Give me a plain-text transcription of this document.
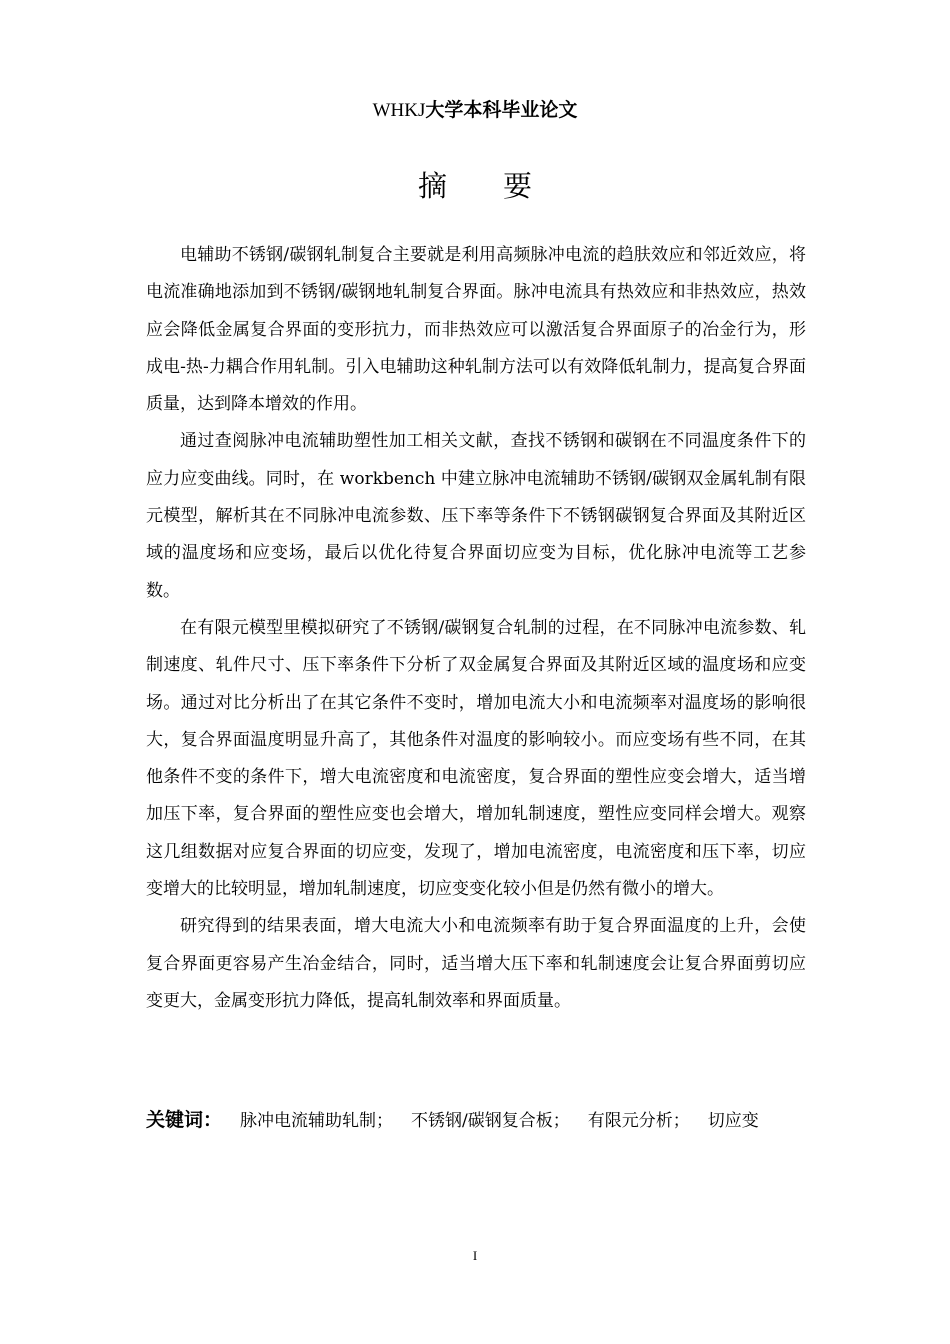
WHKJ大学本科毕业论文
摘 要

电辅助不锈钢/碳钢轧制复合主要就是利用高频脉冲电流的趋肤效应和邻近效应，将电流准确地添加到不锈钢/碳钢地轧制复合界面。脉冲电流具有热效应和非热效应，热效应会降低金属复合界面的变形抗力，而非热效应可以激活复合界面原子的冶金行为，形成电-热-力耦合作用轧制。引入电辅助这种轧制方法可以有效降低轧制力，提高复合界面质量，达到降本增效的作用。

通过查阅脉冲电流辅助塑性加工相关文献，查找不锈钢和碳钢在不同温度条件下的应力应变曲线。同时，在 workbench 中建立脉冲电流辅助不锈钢/碳钢双金属轧制有限元模型，解析其在不同脉冲电流参数、压下率等条件下不锈钢碳钢复合界面及其附近区域的温度场和应变场，最后以优化待复合界面切应变为目标，优化脉冲电流等工艺参数。

在有限元模型里模拟研究了不锈钢/碳钢复合轧制的过程，在不同脉冲电流参数、轧制速度、轧件尺寸、压下率条件下分析了双金属复合界面及其附近区域的温度场和应变场。通过对比分析出了在其它条件不变时，增加电流大小和电流频率对温度场的影响很大，复合界面温度明显升高了，其他条件对温度的影响较小。而应变场有些不同，在其他条件不变的条件下，增大电流密度和电流密度，复合界面的塑性应变会增大，适当增加压下率，复合界面的塑性应变也会增大，增加轧制速度，塑性应变同样会增大。观察这几组数据对应复合界面的切应变，发现了，增加电流密度，电流密度和压下率，切应变增大的比较明显，增加轧制速度，切应变变化较小但是仍然有微小的增大。

研究得到的结果表面，增大电流大小和电流频率有助于复合界面温度的上升，会使复合界面更容易产生冶金结合，同时，适当增大压下率和轧制速度会让复合界面剪切应变更大，金属变形抗力降低，提高轧制效率和界面质量。

关键词： 脉冲电流辅助轧制； 不锈钢/碳钢复合板； 有限元分析； 切应变
I
